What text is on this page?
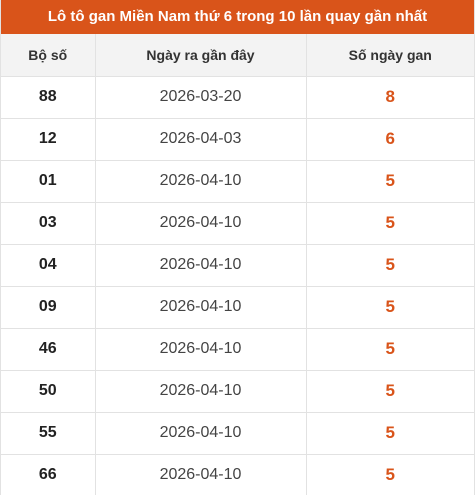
Lô tô gan Miền Nam thứ 6 trong 10 lần quay gần nhất
Bộ số	Ngày ra gần đây	Số ngày gan
88	2026-03-20	8
12	2026-04-03	6
01	2026-04-10	5
03	2026-04-10	5
04	2026-04-10	5
09	2026-04-10	5
46	2026-04-10	5
50	2026-04-10	5
55	2026-04-10	5
66	2026-04-10	5
